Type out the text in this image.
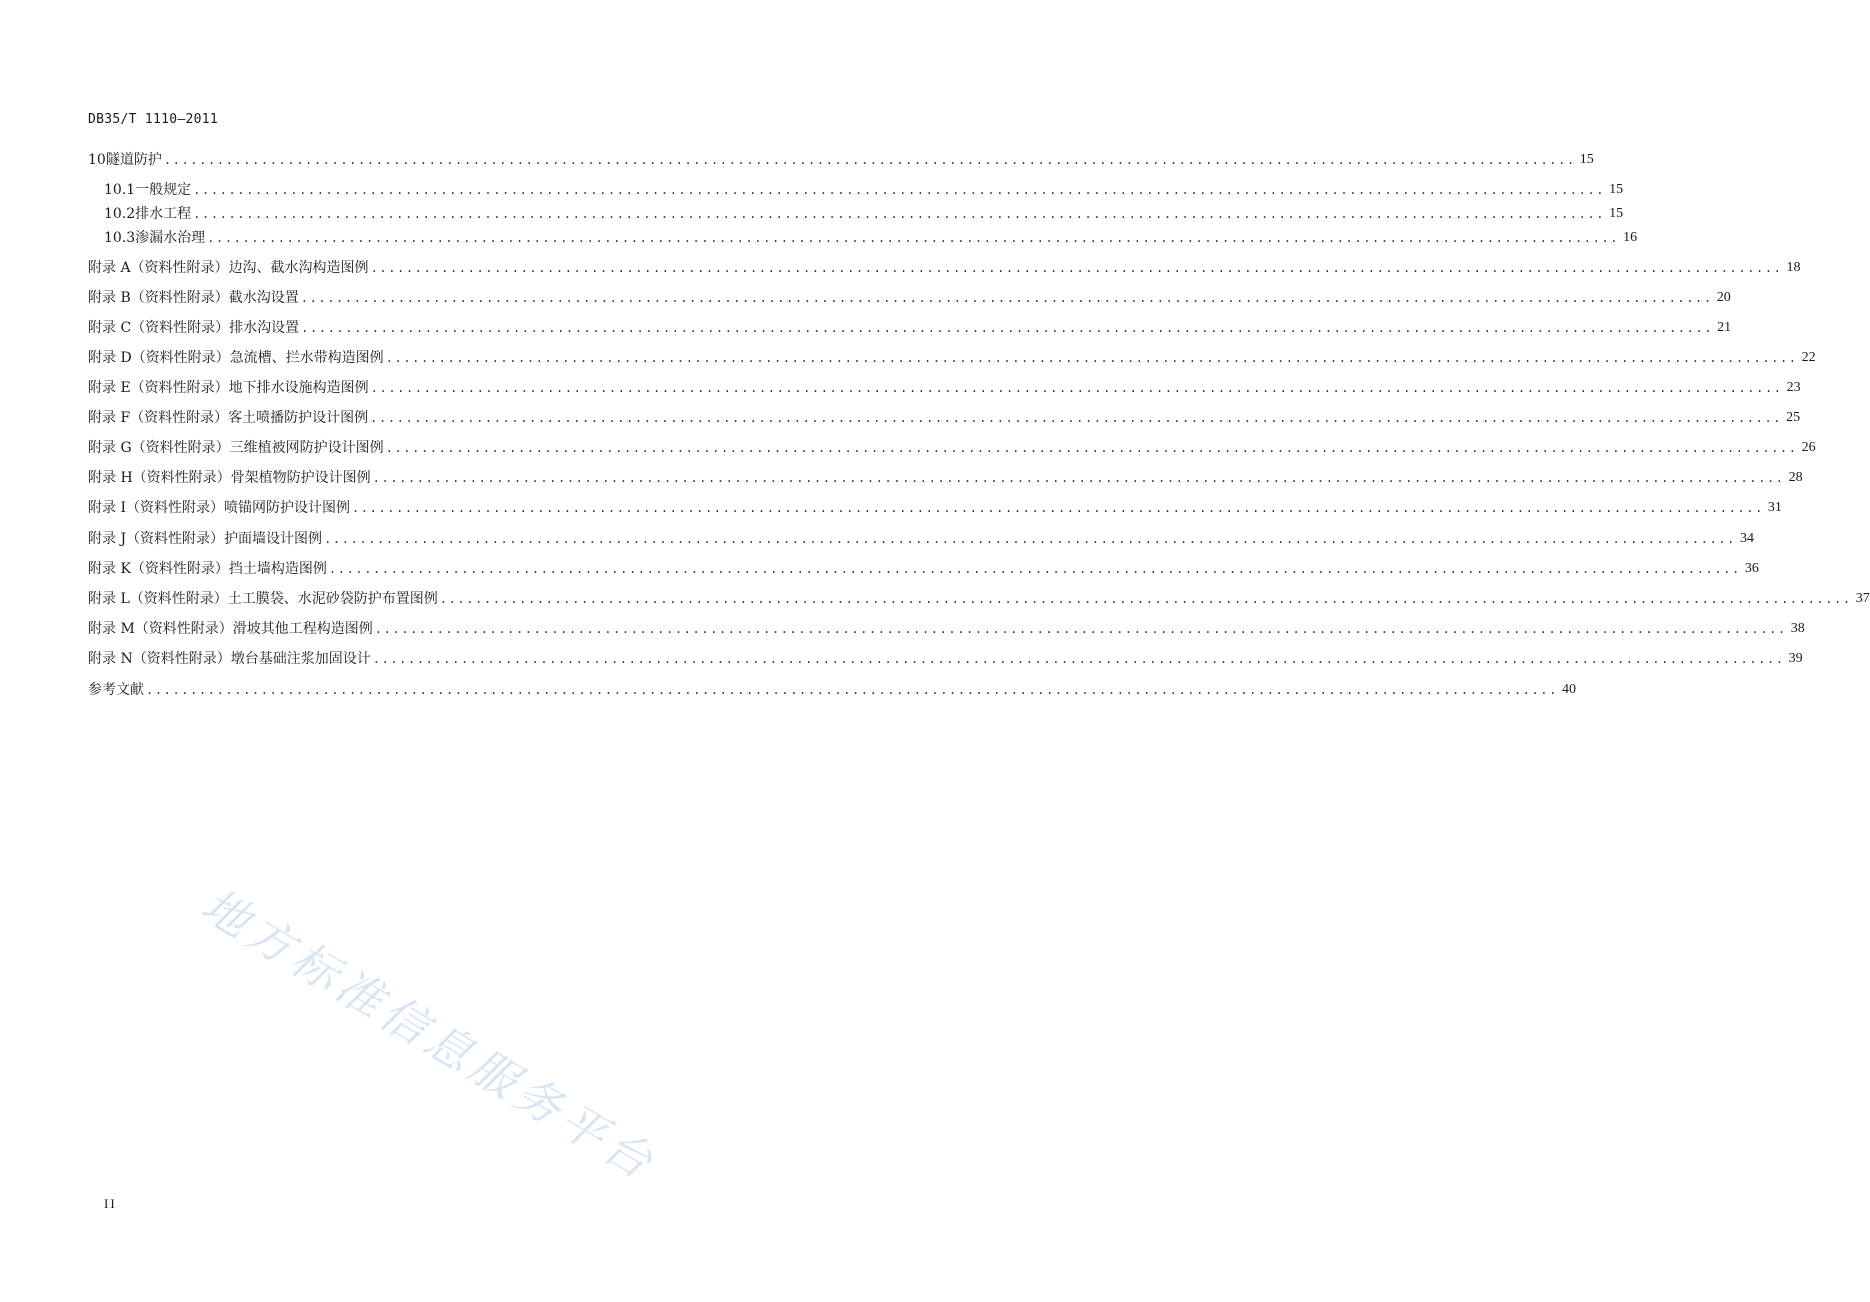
DB35/T 1110—2011
10 隧道防护 ................................................................................................................................................................ 15
10.1 一般规定 ................................................................................................................................................................ 15
10.2 排水工程 ................................................................................................................................................................ 15
10.3 渗漏水治理 ................................................................................................................................................................ 16
附录 A（资料性附录） 边沟、截水沟构造图例 ................................................................................................................................................................ 18
附录 B（资料性附录） 截水沟设置 ................................................................................................................................................................ 20
附录 C（资料性附录） 排水沟设置 ................................................................................................................................................................ 21
附录 D（资料性附录） 急流槽、拦水带构造图例 ................................................................................................................................................................ 22
附录 E（资料性附录） 地下排水设施构造图例 ................................................................................................................................................................ 23
附录 F（资料性附录） 客土喷播防护设计图例 ................................................................................................................................................................ 25
附录 G（资料性附录） 三维植被网防护设计图例 ................................................................................................................................................................ 26
附录 H（资料性附录） 骨架植物防护设计图例 ................................................................................................................................................................ 28
附录 I（资料性附录） 喷锚网防护设计图例 ................................................................................................................................................................ 31
附录 J（资料性附录） 护面墙设计图例 ................................................................................................................................................................ 34
附录 K（资料性附录） 挡土墙构造图例 ................................................................................................................................................................ 36
附录 L（资料性附录） 土工膜袋、水泥砂袋防护布置图例 ................................................................................................................................................................ 37
附录 M（资料性附录） 滑坡其他工程构造图例 ................................................................................................................................................................ 38
附录 N（资料性附录） 墩台基础注浆加固设计 ................................................................................................................................................................ 39
参考文献 ................................................................................................................................................................ 40
地方标准信息服务平台
II
